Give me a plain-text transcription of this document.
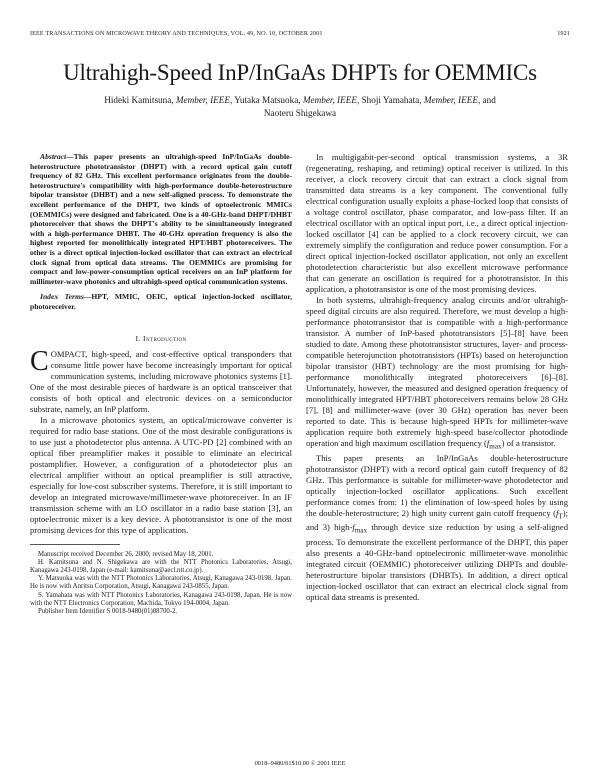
IEEE TRANSACTIONS ON MICROWAVE THEORY AND TECHNIQUES, VOL. 49, NO. 10, OCTOBER 2001	1921
Ultrahigh-Speed InP/InGaAs DHPTs for OEMMICs
Hideki Kamitsuna, Member, IEEE, Yutaka Matsuoka, Member, IEEE, Shoji Yamahata, Member, IEEE, and
Naoteru Shigekawa

Abstract—This paper presents an ultrahigh-speed InP/InGaAs double-heterostructure phototransistor (DHPT) with a record optical gain cutoff frequency of 82 GHz. This excellent performance originates from the double-heterostructure's compatibility with high-performance double-heterostructure bipolar transistor (DHBT) and a new self-aligned process. To demonstrate the excellent performance of the DHPT, two kinds of optoelectronic MMICs (OEMMICs) were designed and fabricated. One is a 40-GHz-band DHPT/DHBT photoreceiver that shows the DHPT's ability to be simultaneously integrated with a high-performance DHBT. The 40-GHz operation frequency is also the highest reported for monolithically integrated HPT/HBT photoreceivers. The other is a direct optical injection-locked oscillator that can extract an electrical clock signal from optical data streams. The OEMMICs are promising for compact and low-power-consumption optical receivers on an InP platform for millimeter-wave photonics and ultrahigh-speed optical communication systems.

Index Terms—HPT, MMIC, OEIC, optical injection-locked oscillator, photoreceiver.

I. Introduction

COMPACT, high-speed, and cost-effective optical transponders that consume little power have become increasingly important for optical communication systems, including microwave photonics systems [1]. One of the most desirable pieces of hardware is an optical transceiver that consists of both optical and electronic devices on a semiconductor substrate, namely, an InP platform.

In a microwave photonics system, an optical/microwave converter is required for radio base stations. One of the most desirable configurations is to use just a photodetector plus antenna. A UTC-PD [2] combined with an optical fiber preamplifier makes it possible to eliminate an electrical postamplifier. However, a configuration of a photodetector plus an electrical amplifier without an optical preamplifier is still attractive, especially for low-cost subscriber systems. Therefore, it is still important to develop an integrated microwave/millimeter-wave photoreceiver. In an IF transmission scheme with an LO oscillator in a radio base station [3], an optoelectronic mixer is a key device. A phototransistor is one of the most promising devices for this type of application.

Manuscript received December 26, 2000; revised May 18, 2001.

H. Kamitsuna and N. Shigekawa are with the NTT Photonics Laboratories, Atsugi, Kanagawa 243-0198, Japan (e-mail: kamitsuna@aecl.ntt.co.jp).

Y. Matsuoka was with the NTT Photonics Laboratories, Atsugi, Kanagawa 243-0198, Japan. He is now with Anritsu Corporation, Atsugi, Kanagawa 243-0855, Japan.

S. Yamahata was with NTT Photonics Laboratories, Kanagawa 243-0198, Japan. He is now with the NTT Electronics Corporation, Machida, Tokyo 194-0004, Japan.

Publisher Item Identifier S 0018-9480(01)08700-2.

In multigigabit-per-second optical transmission systems, a 3R (regenerating, reshaping, and retiming) optical receiver is utilized. In this receiver, a clock recovery circuit that can extract a clock signal from transmitted data streams is a key component. The conventional fully electrical configuration usually exploits a phase-locked loop that consists of a voltage control oscillator, phase comparator, and low-pass filter. If an electrical oscillator with an optical input port, i.e., a direct optical injection-locked oscillator [4] can be applied to a clock recovery circuit, we can extremely simplify the configuration and reduce power consumption. For a direct optical injection-locked oscillator application, not only an excellent photodetection characteristic but also excellent microwave performance that can generate an oscillation is required for a phototransistor. In this application, a phototransistor is one of the most promising devices.

In both systems, ultrahigh-frequency analog circuits and/or ultrahigh-speed digital circuits are also required. Therefore, we must develop a high-performance phototransistor that is compatible with a high-performance transistor. A number of InP-based phototransistors [5]–[8] have been studied to date. Among these phototransistor structures, layer- and process-compatible heterojunction phototransistors (HPTs) based on heterojunction bipolar transistor (HBT) technology are the most promising for high-performance monolithically integrated photoreceivers [6]–[8]. Unfortunately, however, the measured and designed operation frequency of monolithically integrated HPT/HBT photoreceivers remains below 28 GHz [7], [8] and millimeter-wave (over 30 GHz) operation has never been reported to date. This is because high-speed HPTs for millimeter-wave application require both extremely high-speed base/collector photodiode operation and high maximum oscillation frequency $(f_{max})$ of a transistor.

This paper presents an InP/InGaAs double-heterostructure phototransistor (DHPT) with a record optical gain cutoff frequency of 82 GHz. This performance is suitable for millimeter-wave photodetector and optically injection-locked oscillator applications. Such excellent performance comes from: 1) the elimination of low-speed holes by using the double-heterostructure; 2) high unity current gain cutoff frequency $(f_T)$; and 3) high-$f_{max}$ through device size reduction by using a self-aligned process. To demonstrate the excellent performance of the DHPT, this paper also presents a 40-GHz-band optoelectronic millimeter-wave monolithic integrated circuit (OEMMIC) photoreceiver utilizing DHPTs and double-heterostructure bipolar transistors (DHBTs). In addition, a direct optical injection-locked oscillator that can extract an electrical clock signal from optical data streams is presented.

0018–9480/01$10.00 © 2001 IEEE
